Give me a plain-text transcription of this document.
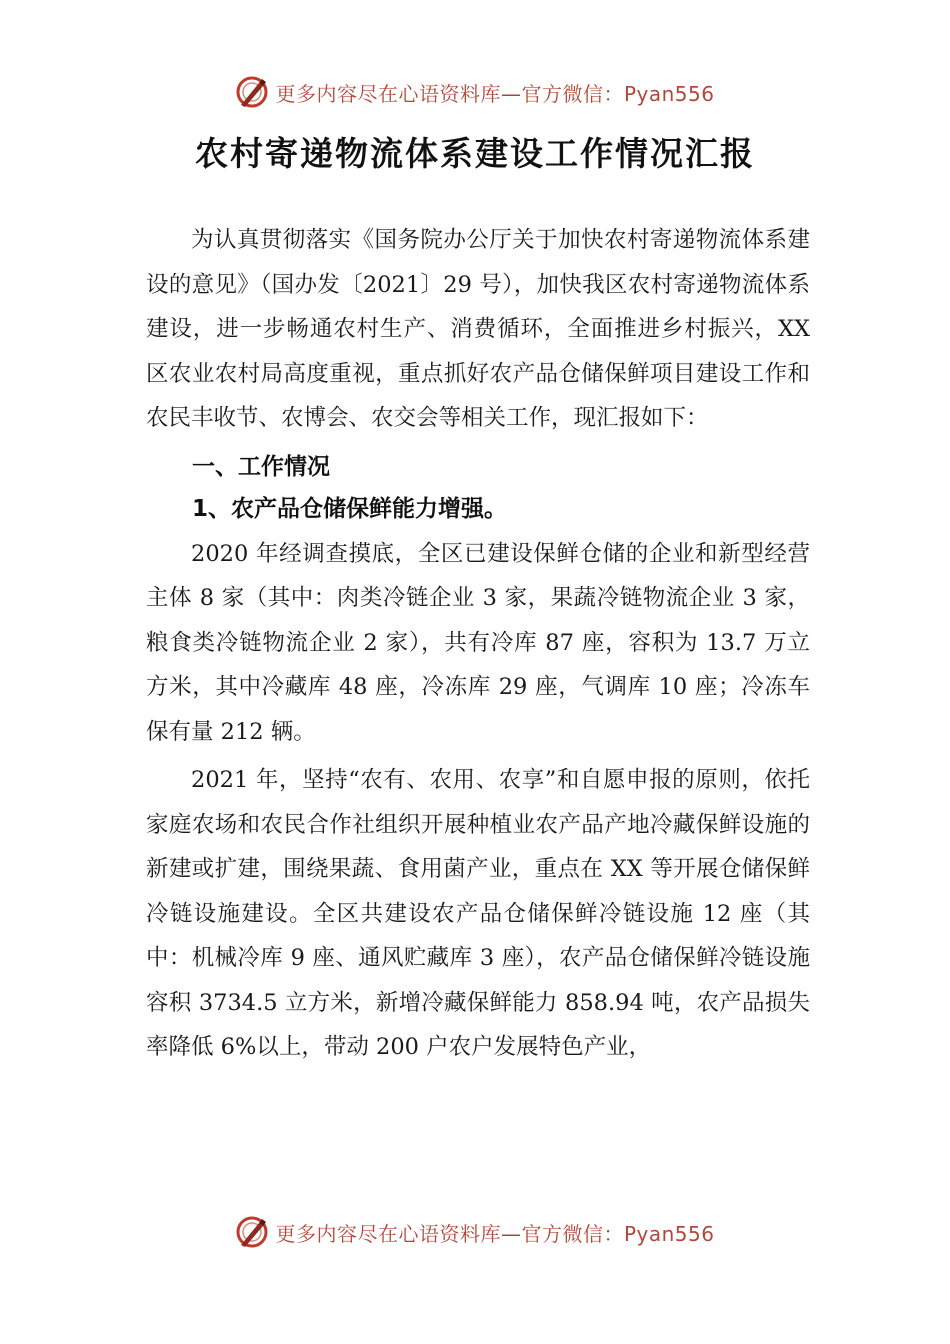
更多内容尽在心语资料库—官方微信：Pyan556
农村寄递物流体系建设工作情况汇报

为认真贯彻落实《国务院办公厅关于加快农村寄递物流体系建设的意见》（国办发〔2021〕29 号），加快我区农村寄递物流体系建设，进一步畅通农村生产、消费循环，全面推进乡村振兴，XX 区农业农村局高度重视，重点抓好农产品仓储保鲜项目建设工作和农民丰收节、农博会、农交会等相关工作，现汇报如下：

一、工作情况
1、农产品仓储保鲜能力增强。

2020 年经调查摸底，全区已建设保鲜仓储的企业和新型经营主体 8 家（其中：肉类冷链企业 3 家，果蔬冷链物流企业 3 家，粮食类冷链物流企业 2 家），共有冷库 87 座，容积为 13.7 万立方米，其中冷藏库 48 座，冷冻库 29 座，气调库 10 座；冷冻车保有量 212 辆。

2021 年，坚持“农有、农用、农享”和自愿申报的原则，依托家庭农场和农民合作社组织开展种植业农产品产地冷藏保鲜设施的新建或扩建，围绕果蔬、食用菌产业，重点在 XX 等开展仓储保鲜冷链设施建设。全区共建设农产品仓储保鲜冷链设施 12 座（其中：机械冷库 9 座、通风贮藏库 3 座），农产品仓储保鲜冷链设施容积 3734.5 立方米，新增冷藏保鲜能力 858.94 吨，农产品损失率降低 6%以上，带动 200 户农户发展特色产业，

更多内容尽在心语资料库—官方微信：Pyan556
